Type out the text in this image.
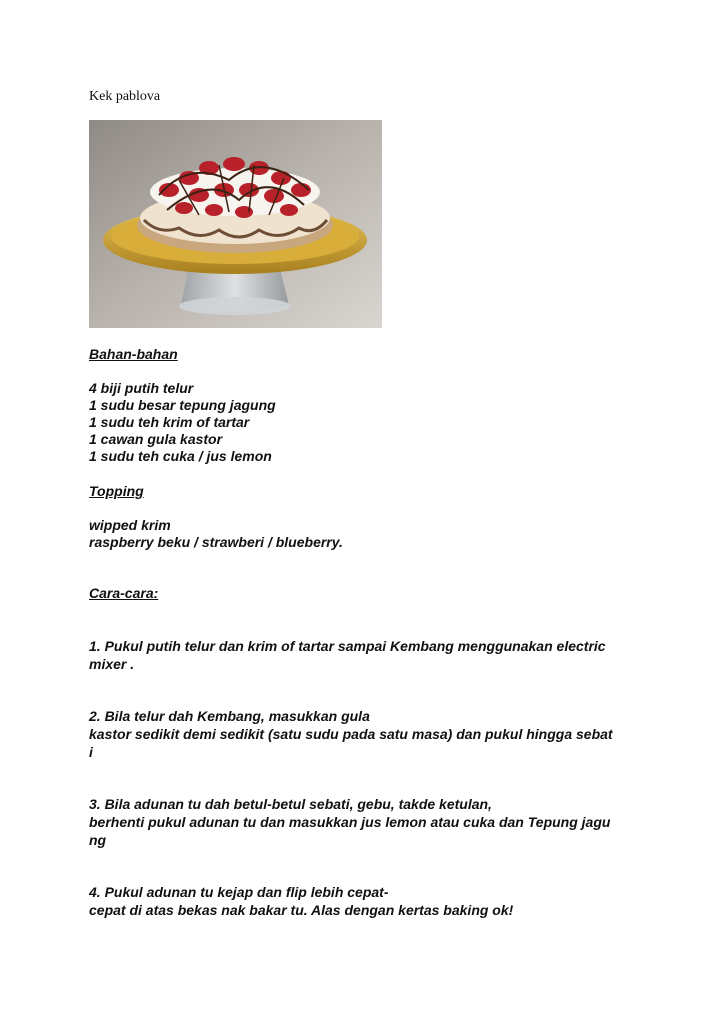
Kek pablova
Bahan-bahan
4 biji putih telur
1 sudu besar tepung jagung
1 sudu teh krim of tartar
1 cawan gula kastor
1 sudu teh cuka / jus lemon
Topping
wipped krim
raspberry beku / strawberi / blueberry.
Cara-cara:
1. Pukul putih telur dan krim of tartar sampai Kembang menggunakan electric
mixer .
2. Bila telur dah Kembang, masukkan gula
kastor sedikit demi sedikit (satu sudu pada satu masa) dan pukul hingga sebat
i
3. Bila adunan tu dah betul-betul sebati, gebu, takde ketulan,
berhenti pukul adunan tu dan masukkan jus lemon atau cuka dan Tepung jagu
ng
4. Pukul adunan tu kejap dan flip lebih cepat-
cepat di atas bekas nak bakar tu. Alas dengan kertas baking ok!
